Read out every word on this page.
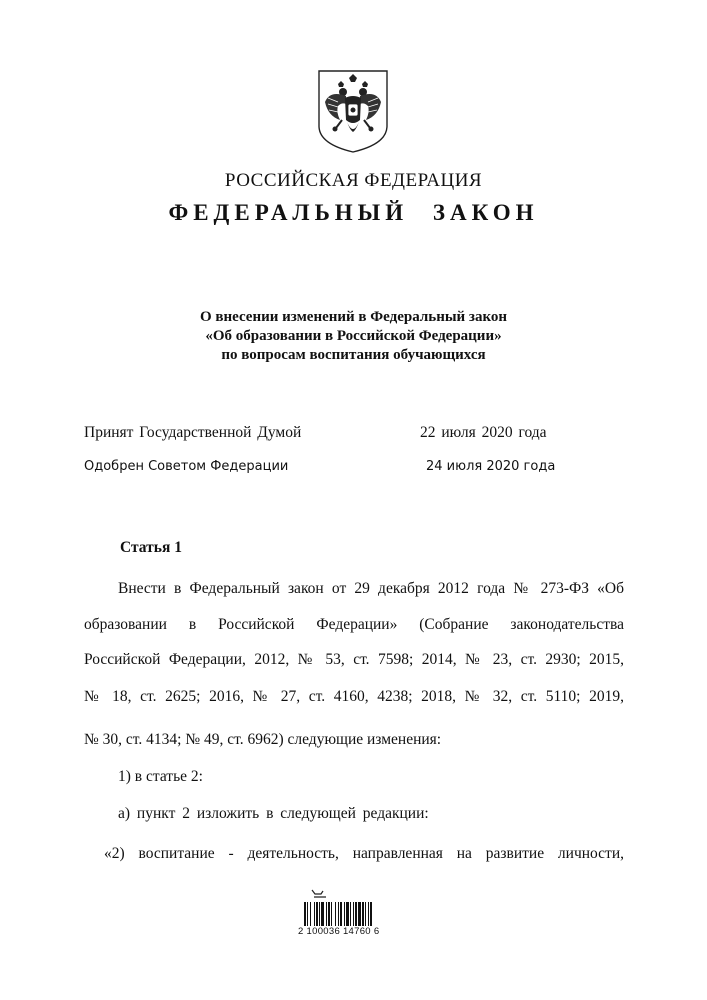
РОССИЙСКАЯ ФЕДЕРАЦИЯ
ФЕДЕРАЛЬНЫЙ ЗАКОН
О внесении изменений в Федеральный закон
«Об образовании в Российской Федерации»
по вопросам воспитания обучающихся
Принят Государственной Думой	22 июля 2020 года
Одобрен Советом Федерации	24 июля 2020 года
Статья 1
Внести в Федеральный закон от 29 декабря 2012 года № 273-ФЗ «Об
образовании в Российской Федерации» (Собрание законодательства
Российской Федерации, 2012, № 53, ст. 7598; 2014, № 23, ст. 2930; 2015,
№ 18, ст. 2625; 2016, № 27, ст. 4160, 4238; 2018, № 32, ст. 5110; 2019,
№ 30, ст. 4134; № 49, ст. 6962) следующие изменения:
1) в статье 2:
а) пункт 2 изложить в следующей редакции:
«2) воспитание - деятельность, направленная на развитие личности,
2 100036 14760 6
